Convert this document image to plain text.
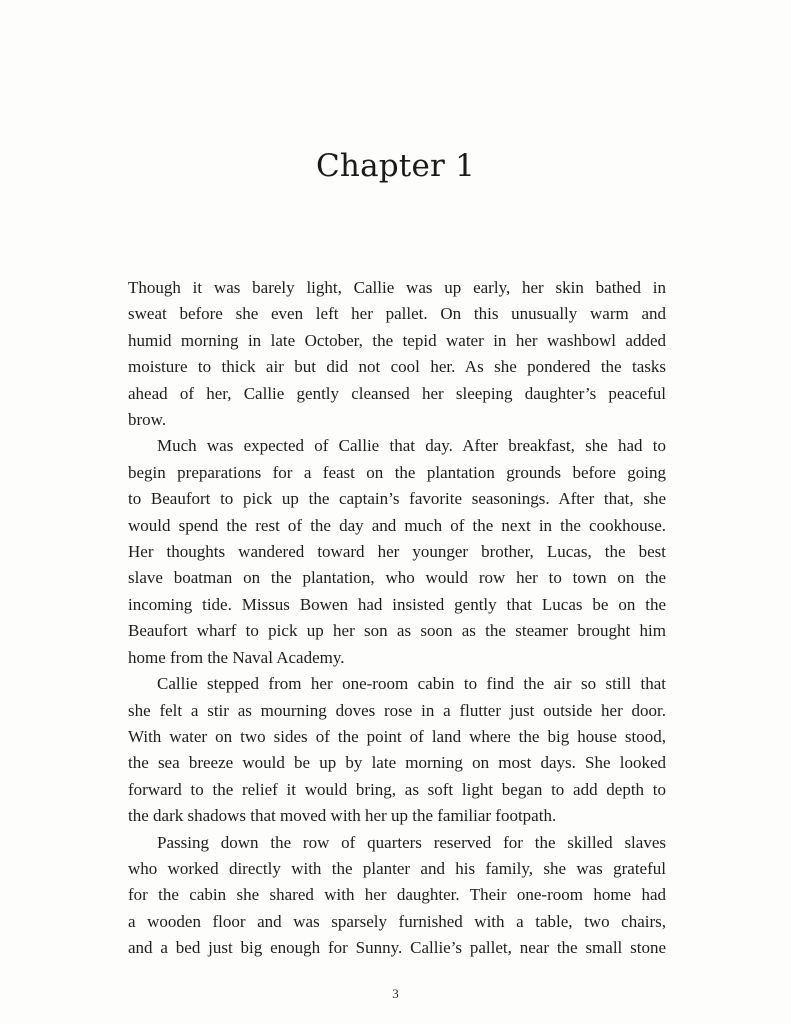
Chapter 1

Though it was barely light, Callie was up early, her skin bathed in
sweat before she even left her pallet. On this unusually warm and
humid morning in late October, the tepid water in her washbowl added
moisture to thick air but did not cool her. As she pondered the tasks
ahead of her, Callie gently cleansed her sleeping daughter’s peaceful
brow.

Much was expected of Callie that day. After breakfast, she had to
begin preparations for a feast on the plantation grounds before going
to Beaufort to pick up the captain’s favorite seasonings. After that, she
would spend the rest of the day and much of the next in the cookhouse.
Her thoughts wandered toward her younger brother, Lucas, the best
slave boatman on the plantation, who would row her to town on the
incoming tide. Missus Bowen had insisted gently that Lucas be on the
Beaufort wharf to pick up her son as soon as the steamer brought him
home from the Naval Academy.

Callie stepped from her one-room cabin to find the air so still that
she felt a stir as mourning doves rose in a flutter just outside her door.
With water on two sides of the point of land where the big house stood,
the sea breeze would be up by late morning on most days. She looked
forward to the relief it would bring, as soft light began to add depth to
the dark shadows that moved with her up the familiar footpath.

Passing down the row of quarters reserved for the skilled slaves
who worked directly with the planter and his family, she was grateful
for the cabin she shared with her daughter. Their one-room home had
a wooden floor and was sparsely furnished with a table, two chairs,
and a bed just big enough for Sunny. Callie’s pallet, near the small stone

3
